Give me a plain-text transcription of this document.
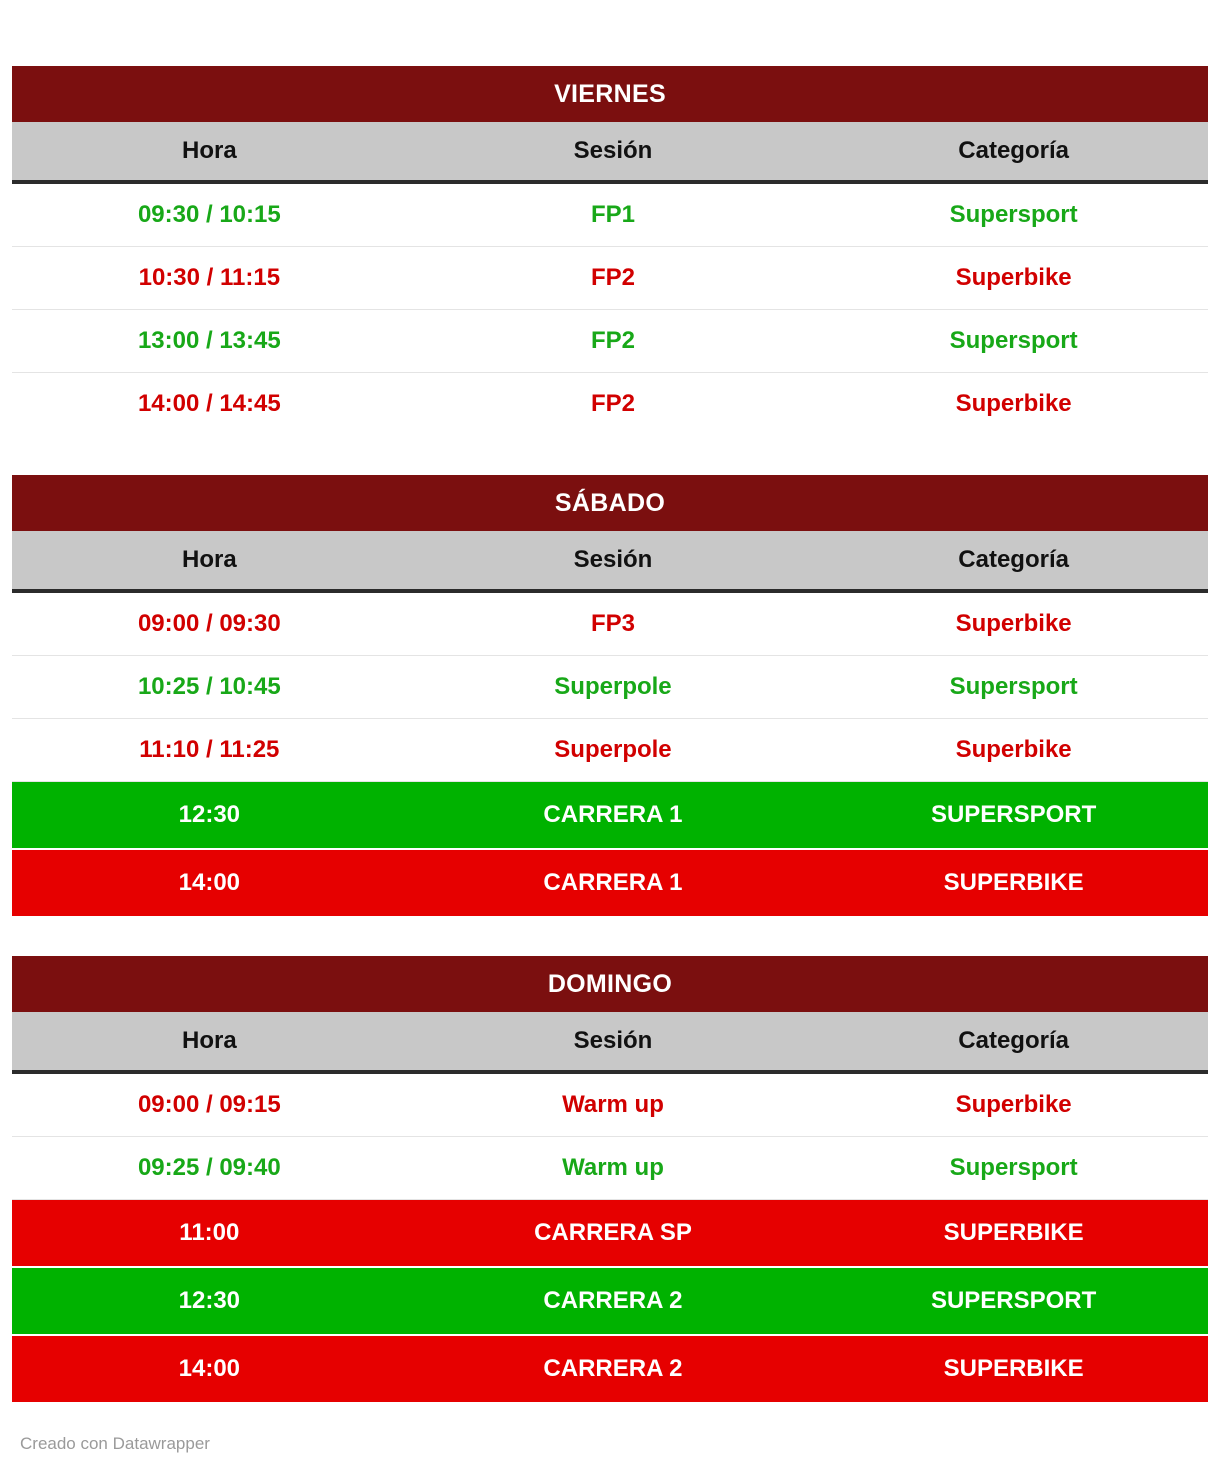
VIERNES
Hora	Sesión	Categoría
09:30 / 10:15	FP1	Supersport
10:30 / 11:15	FP2	Superbike
13:00 / 13:45	FP2	Supersport
14:00 / 14:45	FP2	Superbike
SÁBADO
Hora	Sesión	Categoría
09:00 / 09:30	FP3	Superbike
10:25 / 10:45	Superpole	Supersport
11:10 / 11:25	Superpole	Superbike
12:30	CARRERA 1	SUPERSPORT
14:00	CARRERA 1	SUPERBIKE
DOMINGO
Hora	Sesión	Categoría
09:00 / 09:15	Warm up	Superbike
09:25 / 09:40	Warm up	Supersport
11:00	CARRERA SP	SUPERBIKE
12:30	CARRERA 2	SUPERSPORT
14:00	CARRERA 2	SUPERBIKE
Creado con Datawrapper
